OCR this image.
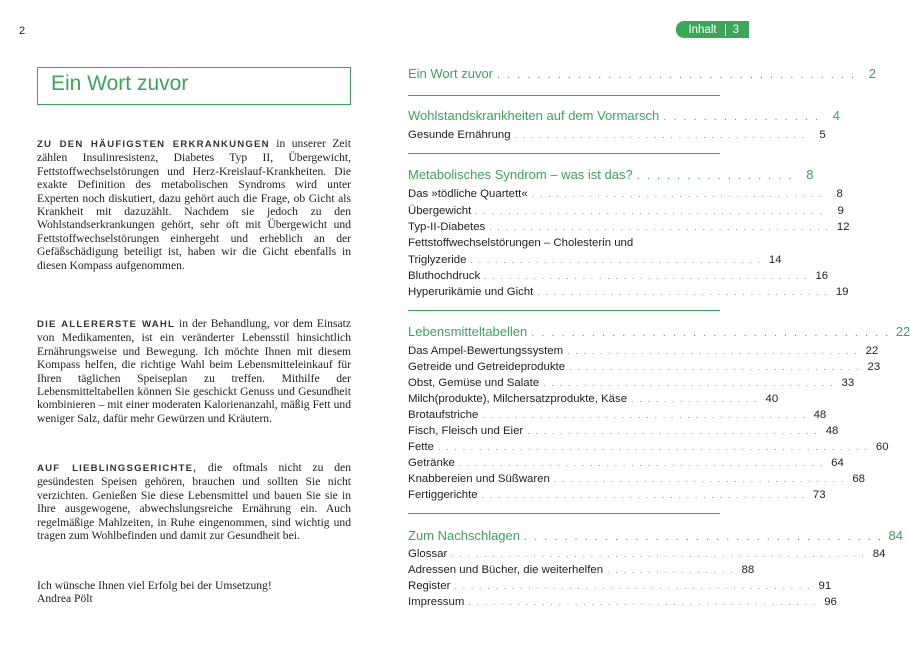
2	Inhalt 3
Ein Wort zuvor
ZU DEN HÄUFIGSTEN ERKRANKUNGEN in unserer Zeit zählen Insulinresistenz, Diabetes Typ II, Übergewicht, Fettstoffwechselstörungen und Herz-Kreislauf-Krankheiten. Die exakte Definition des metabolischen Syndroms wird unter Experten noch diskutiert, dazu gehört auch die Frage, ob Gicht als Krankheit mit dazuzählt. Nachdem sie jedoch zu den Wohlstandserkrankungen gehört, sehr oft mit Übergewicht und Fettstoffwechselstörungen einhergeht und erheblich an der Gefäßschädigung beteiligt ist, haben wir die Gicht ebenfalls in diesen Kompass aufgenommen.
DIE ALLERERSTE WAHL in der Behandlung, vor dem Einsatz von Medikamenten, ist ein veränderter Lebensstil hinsichtlich Ernährungsweise und Bewegung. Ich möchte Ihnen mit diesem Kompass helfen, die richtige Wahl beim Lebensmitteleinkauf für Ihren täglichen Speiseplan zu treffen. Mithilfe der Lebensmitteltabellen können Sie geschickt Genuss und Gesundheit kombinieren – mit einer moderaten Kalorienanzahl, mäßig Fett und weniger Salz, dafür mehr Gewürzen und Kräutern.
AUF LIEBLINGSGERICHTE, die oftmals nicht zu den gesündesten Speisen gehören, brauchen und sollten Sie nicht verzichten. Genießen Sie diese Lebensmittel und bauen Sie sie in Ihre ausgewogene, abwechslungsreiche Ernährung ein. Auch regelmäßige Mahlzeiten, in Ruhe eingenommen, sind wichtig und tragen zum Wohlbefinden und damit zur Gesundheit bei.
Ich wünsche Ihnen viel Erfolg bei der Umsetzung!
Andrea Pölt
Ein Wort zuvor . . . . . . . . . . . . . . . . . . . . . . . . . . . . . . . . . . . . 2
Wohlstandskrankheiten auf dem Vormarsch . . . . . . . . . . . . . . . . 4
Gesunde Ernährung . . . . . . . . . . . . . . . . . . . . . . . . . . . . . . . . . . . .	5
Metabolisches Syndrom – was ist das? . . . . . . . . . . . . . . . . 8
Das »tödliche Quartett« . . . . . . . . . . . . . . . . . . . . . . . . . . . . . . . . . . . .	8
Übergewicht . . . . . . . . . . . . . . . . . . . . . . . . . . . . . . . . . . . . . . . . . . .	9
Typ-II-Diabetes . . . . . . . . . . . . . . . . . . . . . . . . . . . . . . . . . . . . . . . . . . 12
Fettstoffwechselstörungen – Cholesterin und
Triglyzeride . . . . . . . . . . . . . . . . . . . . . . . . . . . . . . . . . . . . 14
Bluthochdruck . . . . . . . . . . . . . . . . . . . . . . . . . . . . . . . . . . . . . . . . 16
Hyperurikämie und Gicht . . . . . . . . . . . . . . . . . . . . . . . . . . . . . . . . . . . . 19
Lebensmitteltabellen . . . . . . . . . . . . . . . . . . . . . . . . . . . . . . . . . . . . 22
Das Ampel-Bewertungssystem . . . . . . . . . . . . . . . . . . . . . . . . . . . . . . . . . . . . 22
Getreide und Getreideprodukte . . . . . . . . . . . . . . . . . . . . . . . . . . . . . . . . . . . . 23
Obst, Gemüse und Salate . . . . . . . . . . . . . . . . . . . . . . . . . . . . . . . . . . . . 33
Milch(produkte), Milchersatzprodukte, Käse . . . . . . . . . . . . . . . . 40
Brotaufstriche . . . . . . . . . . . . . . . . . . . . . . . . . . . . . . . . . . . . . . . . 48
Fisch, Fleisch und Eier . . . . . . . . . . . . . . . . . . . . . . . . . . . . . . . . . . . . 48
Fette . . . . . . . . . . . . . . . . . . . . . . . . . . . . . . . . . . . . . . . . . . . . . . . . . . . . . 60
Getränke . . . . . . . . . . . . . . . . . . . . . . . . . . . . . . . . . . . . . . . . . . . . . 64
Knabbereien und Süßwaren . . . . . . . . . . . . . . . . . . . . . . . . . . . . . . . . . . . . 68
Fertiggerichte . . . . . . . . . . . . . . . . . . . . . . . . . . . . . . . . . . . . . . . . 73
Zum Nachschlagen . . . . . . . . . . . . . . . . . . . . . . . . . . . . . . . . . . . . 84
Glossar . . . . . . . . . . . . . . . . . . . . . . . . . . . . . . . . . . . . . . . . . . . . . . . . . . . 84
Adressen und Bücher, die weiterhelfen . . . . . . . . . . . . . . . . 88
Register . . . . . . . . . . . . . . . . . . . . . . . . . . . . . . . . . . . . . . . . . . . . 91
Impressum . . . . . . . . . . . . . . . . . . . . . . . . . . . . . . . . . . . . . . . . . . . 96
